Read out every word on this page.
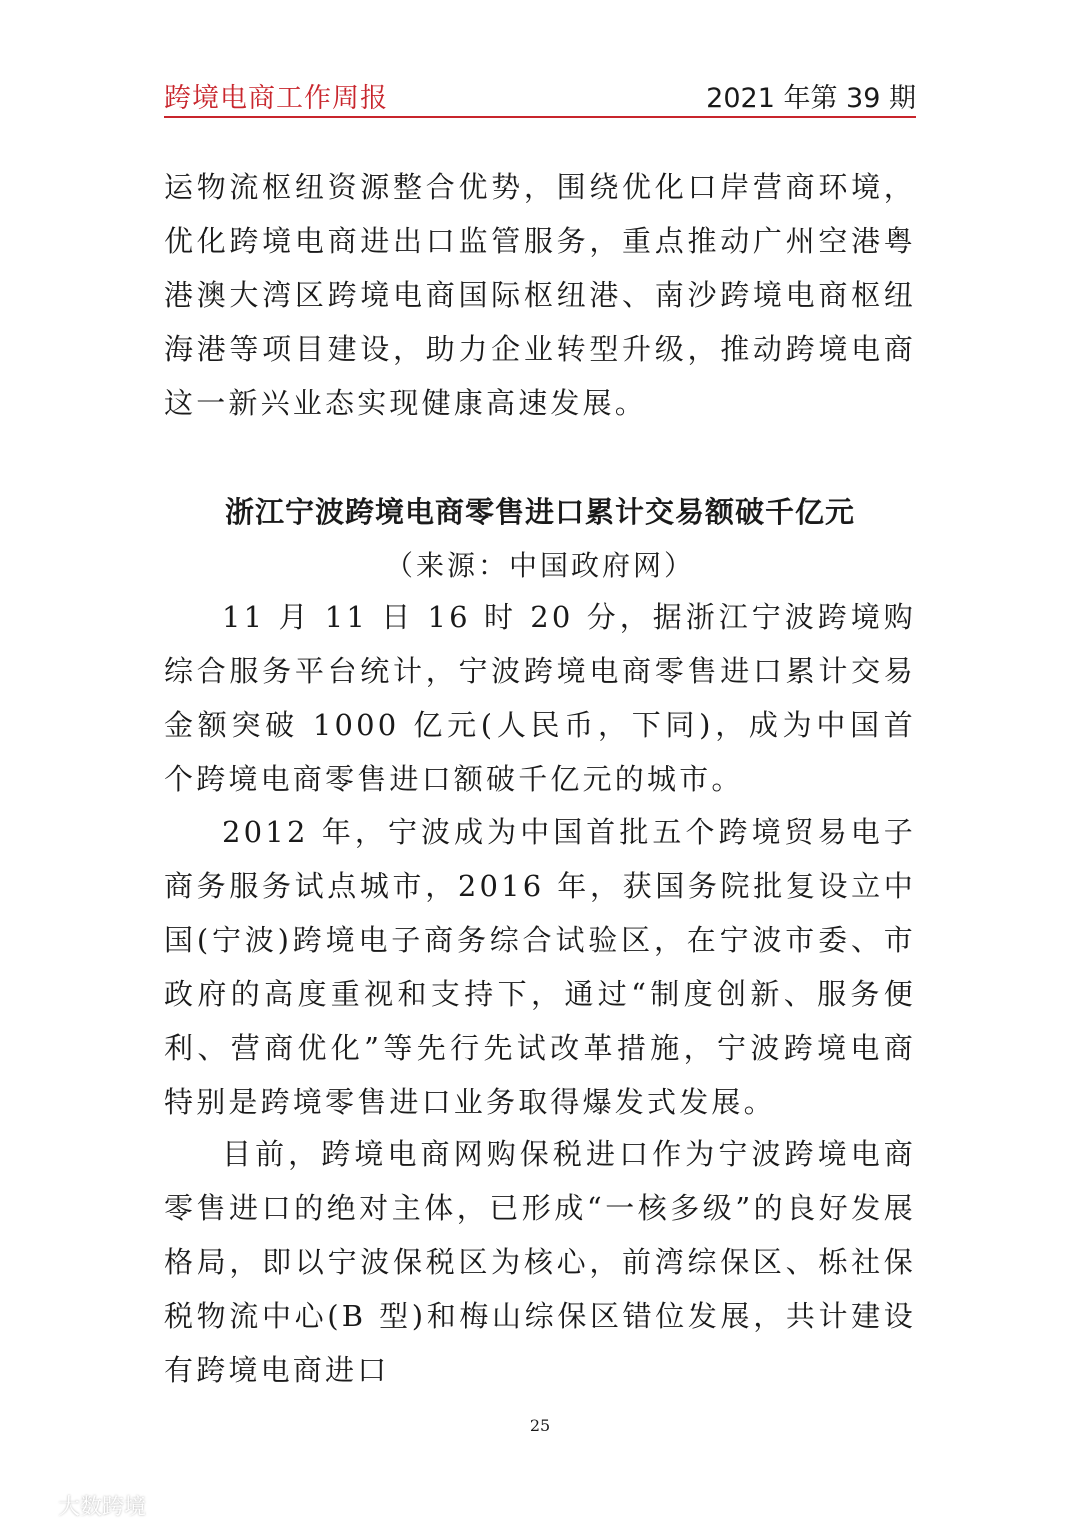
跨境电商工作周报	2021 年第 39 期

运物流枢纽资源整合优势，围绕优化口岸营商环境，优化跨境电商进出口监管服务，重点推动广州空港粤港澳大湾区跨境电商国际枢纽港、南沙跨境电商枢纽海港等项目建设，助力企业转型升级，推动跨境电商这一新兴业态实现健康高速发展。

浙江宁波跨境电商零售进口累计交易额破千亿元

（来源：中国政府网）

11 月 11 日 16 时 20 分，据浙江宁波跨境购综合服务平台统计，宁波跨境电商零售进口累计交易金额突破 1000 亿元(人民币，下同)，成为中国首个跨境电商零售进口额破千亿元的城市。

2012 年，宁波成为中国首批五个跨境贸易电子商务服务试点城市，2016 年，获国务院批复设立中国(宁波)跨境电子商务综合试验区，在宁波市委、市政府的高度重视和支持下，通过“制度创新、服务便利、营商优化”等先行先试改革措施，宁波跨境电商特别是跨境零售进口业务取得爆发式发展。

目前，跨境电商网购保税进口作为宁波跨境电商零售进口的绝对主体，已形成“一核多级”的良好发展格局，即以宁波保税区为核心，前湾综保区、栎社保税物流中心(B 型)和梅山综保区错位发展，共计建设有跨境电商进口

25
大数跨境
